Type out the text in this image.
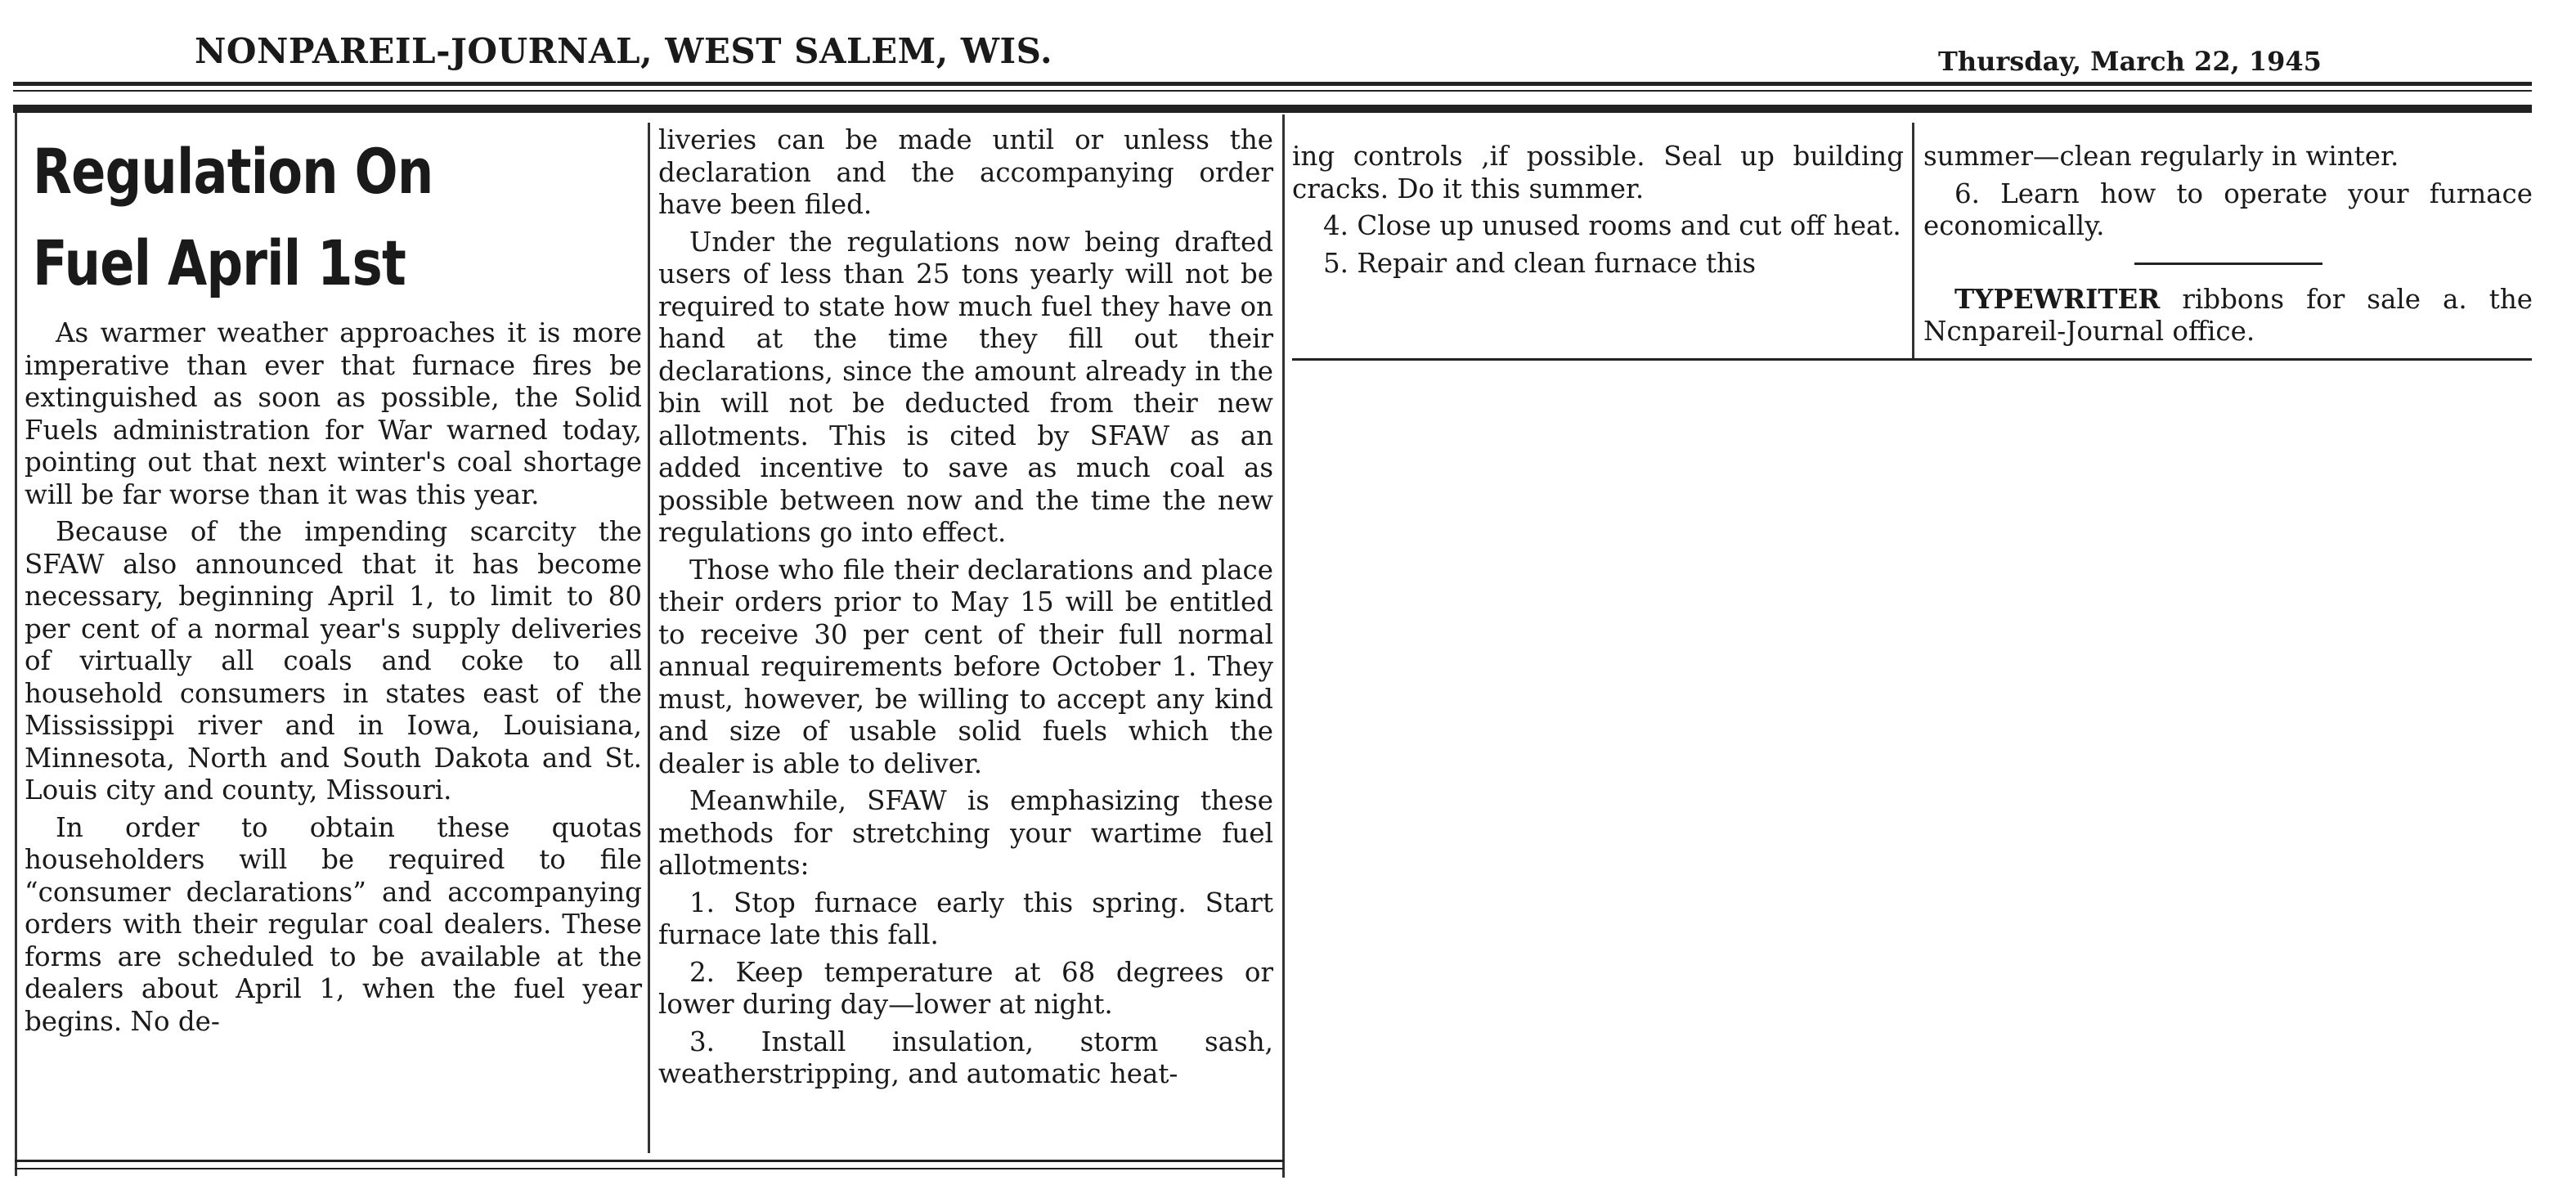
NONPAREIL-JOURNAL, WEST SALEM, WIS.	Thursday, March 22, 1945
Regulation On
Fuel April 1st

As warmer weather approaches it is more imperative than ever that furnace fires be extinguished as soon as possible, the Solid Fuels administration for War warned today, pointing out that next winter's coal shortage will be far worse than it was this year.

Because of the impending scarcity the SFAW also announced that it has become necessary, beginning April 1, to limit to 80 per cent of a normal year's supply deliveries of virtually all coals and coke to all household consumers in states east of the Mississippi river and in Iowa, Louisiana, Minnesota, North and South Dakota and St. Louis city and county, Missouri.

In order to obtain these quotas householders will be required to file “consumer declarations” and accompanying orders with their regular coal dealers. These forms are scheduled to be available at the dealers about April 1, when the fuel year begins. No de-

liveries can be made until or unless the declaration and the accompanying order have been filed.

Under the regulations now being drafted users of less than 25 tons yearly will not be required to state how much fuel they have on hand at the time they fill out their declarations, since the amount already in the bin will not be deducted from their new allotments. This is cited by SFAW as an added incentive to save as much coal as possible between now and the time the new regulations go into effect.

Those who file their declarations and place their orders prior to May 15 will be entitled to receive 30 per cent of their full normal annual requirements before October 1. They must, however, be willing to accept any kind and size of usable solid fuels which the dealer is able to deliver.

Meanwhile, SFAW is emphasizing these methods for stretching your wartime fuel allotments:

1. Stop furnace early this spring. Start furnace late this fall.

2. Keep temperature at 68 degrees or lower during day—lower at night.

3. Install insulation, storm sash, weatherstripping, and automatic heat-

ing controls ,if possible. Seal up building cracks. Do it this summer.

4. Close up unused rooms and cut off heat.

5. Repair and clean furnace this

summer—clean regularly in winter.

6. Learn how to operate your furnace economically.

TYPEWRITER ribbons for sale a. the Ncnpareil-Journal office.
